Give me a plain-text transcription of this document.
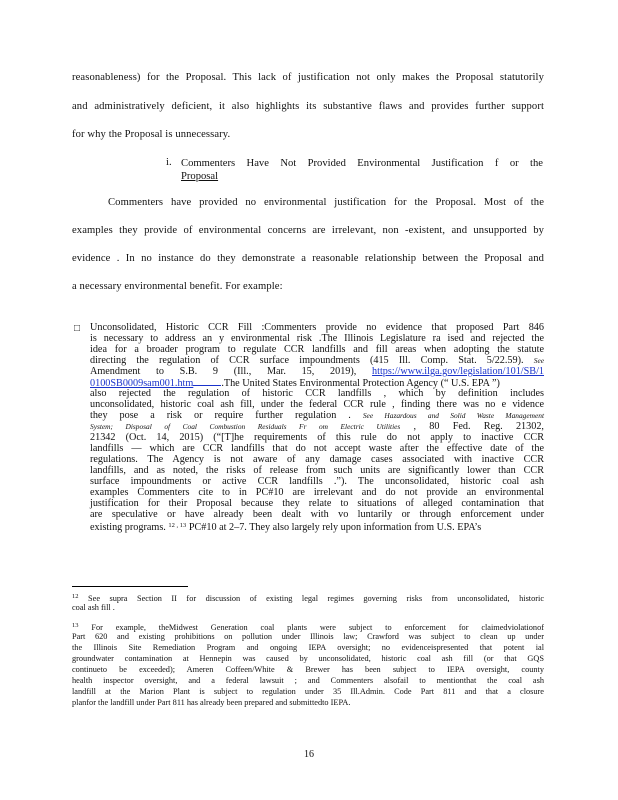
reasonableness) for the Proposal. This lack of justification not only makes the Proposal statutorily
and administratively deficient, it also highlights its substantive flaws and provides further support
for why the Proposal is unnecessary.
i. Commenters Have Not Provided Environmental Justification f or the
Proposal
Commenters have provided no environmental justification for the Proposal. Most of the
examples they provide of environmental concerns are irrelevant, non -existent, and unsupported by
evidence . In no instance do they demonstrate a reasonable relationship between the Proposal and
a necessary environmental benefit. For example:
□ Unconsolidated, Historic CCR Fill :Commenters provide no evidence that proposed Part 846
is necessary to address an y environmental risk .The Illinois Legislature ra ised and rejected the
idea for a broader program to regulate CCR landfills and fill areas when adopting the statute
directing the regulation of CCR surface impoundments (415 Ill. Comp. Stat. 5/22.59). See
Amendment to S.B. 9 (Ill., Mar. 15, 2019), https://www.ilga.gov/legislation/101/SB/1
0100SB0009sam001.htm	.The United States Environmental Protection Agency (“ U.S. EPA ”)
also rejected the regulation of historic CCR landfills , which by definition includes
unconsolidated, historic coal ash fill, under the federal CCR rule , finding there was no e vidence
they pose a risk or require further regulation . See Hazardous and Solid Waste Management
System; Disposal of Coal Combustion Residuals Fr om Electric Utilities , 80 Fed. Reg. 21302,
21342 (Oct. 14, 2015) (“[T]he requirements of this rule do not apply to inactive CCR
landfills — which are CCR landfills that do not accept waste after the effective date of the
regulations. The Agency is not aware of any damage cases associated with inactive CCR
landfills, and as noted, the risks of release from such units are significantly lower than CCR
surface impoundments or active CCR landfills .”). The unconsolidated, historic coal ash
examples Commenters cite to in PC#10 are irrelevant and do not provide an environmental
justification for their Proposal because they relate to situations of alleged contamination that
are speculative or have already been dealt with vo luntarily or through enforcement under
existing programs. $^{12 , 13}$ PC#10 at 2–7. They also largely rely upon information from U.S. EPA’s
$^{12}$ See supra Section II for discussion of existing legal regimes governing risks from unconsolidated, historic
coal ash fill .
$^{13}$ For example, theMidwest Generation coal plants were subject to enforcement for claimedviolationof
Part 620 and existing prohibitions on pollution under Illinois law; Crawford was subject to clean up under
the Illinois Site Remediation Program and ongoing IEPA oversight; no evidenceispresented that potent ial
groundwater contamination at Hennepin was caused by unconsolidated, historic coal ash fill (or that GQS
continueto be exceeded); Ameren Coffeen/White & Brewer has been subject to IEPA oversight, county
health inspector oversight, and a federal lawsuit ; and Commenters alsofail to mentionthat the coal ash
landfill at the Marion Plant is subject to regulation under 35 Ill.Admin. Code Part 811 and that a closure
planfor the landfill under Part 811 has already been prepared and submittedto IEPA.
16
